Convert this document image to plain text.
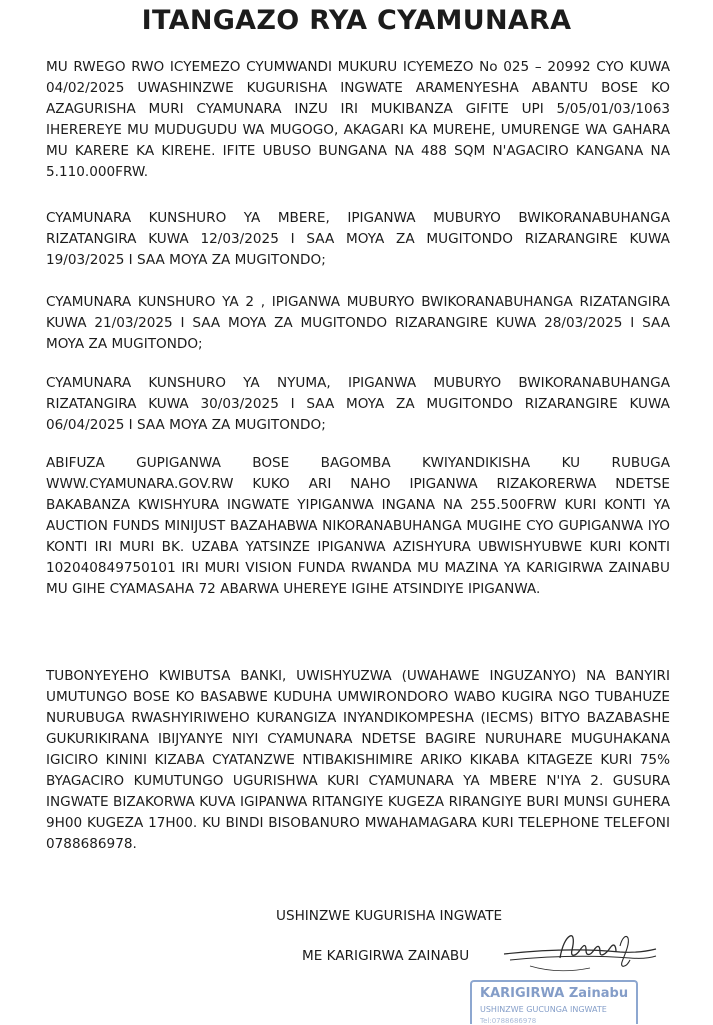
ITANGAZO RYA CYAMUNARA
MU RWEGO RWO ICYEMEZO CYUMWANDI MUKURU ICYEMEZO No 025 – 20992 CYO KUWA 04/02/2025 UWASHINZWE KUGURISHA INGWATE ARAMENYESHA ABANTU BOSE KO AZAGURISHA MURI CYAMUNARA INZU IRI MUKIBANZA GIFITE UPI 5/05/01/03/1063 IHEREREYE MU MUDUGUDU WA MUGOGO, AKAGARI KA MUREHE, UMURENGE WA GAHARA MU KARERE KA KIREHE. IFITE UBUSO BUNGANA NA 488 SQM N'AGACIRO KANGANA NA 5.110.000FRW.
CYAMUNARA KUNSHURO YA MBERE, IPIGANWA MUBURYO BWIKORANABUHANGA RIZATANGIRA KUWA 12/03/2025 I SAA MOYA ZA MUGITONDO RIZARANGIRE KUWA 19/03/2025 I SAA MOYA ZA MUGITONDO;
CYAMUNARA KUNSHURO YA 2 , IPIGANWA MUBURYO BWIKORANABUHANGA RIZATANGIRA KUWA 21/03/2025 I SAA MOYA ZA MUGITONDO RIZARANGIRE KUWA 28/03/2025 I SAA MOYA ZA MUGITONDO;
CYAMUNARA KUNSHURO YA NYUMA, IPIGANWA MUBURYO BWIKORANABUHANGA RIZATANGIRA KUWA 30/03/2025 I SAA MOYA ZA MUGITONDO RIZARANGIRE KUWA 06/04/2025 I SAA MOYA ZA MUGITONDO;
ABIFUZA GUPIGANWA BOSE BAGOMBA KWIYANDIKISHA KU RUBUGA WWW.CYAMUNARA.GOV.RW KUKO ARI NAHO IPIGANWA RIZAKORERWA NDETSE BAKABANZA KWISHYURA INGWATE YIPIGANWA INGANA NA 255.500FRW KURI KONTI YA AUCTION FUNDS MINIJUST BAZAHABWA NIKORANABUHANGA MUGIHE CYO GUPIGANWA IYO KONTI IRI MURI BK. UZABA YATSINZE IPIGANWA AZISHYURA UBWISHYUBWE KURI KONTI 102040849750101 IRI MURI VISION FUNDA RWANDA MU MAZINA YA KARIGIRWA ZAINABU MU GIHE CYAMASAHA 72 ABARWA UHEREYE IGIHE ATSINDIYE IPIGANWA.
TUBONYEYEHO KWIBUTSA BANKI, UWISHYUZWA (UWAHAWE INGUZANYO) NA BANYIRI UMUTUNGO BOSE KO BASABWE KUDUHA UMWIRONDORO WABO KUGIRA NGO TUBAHUZE NURUBUGA RWASHYIRIWEHO KURANGIZA INYANDIKOMPESHA (IECMS) BITYO BAZABASHE GUKURIKIRANA IBIJYANYE NIYI CYAMUNARA NDETSE BAGIRE NURUHARE MUGUHAKANA IGICIRO KININI KIZABA CYATANZWE NTIBAKISHIMIRE ARIKO KIKABA KITAGEZE KURI 75% BYAGACIRO KUMUTUNGO UGURISHWA KURI CYAMUNARA YA MBERE N'IYA 2. GUSURA INGWATE BIZAKORWA KUVA IGIPANWA RITANGIYE KUGEZA RIRANGIYE BURI MUNSI GUHERA 9H00 KUGEZA 17H00. KU BINDI BISOBANURO MWAHAMAGARA KURI TELEPHONE TELEFONI 0788686978.
USHINZWE KUGURISHA INGWATE
ME KARIGIRWA ZAINABU
KARIGIRWA Zainabu
USHINZWE GUCUNGA INGWATE
Tel:0788686978
